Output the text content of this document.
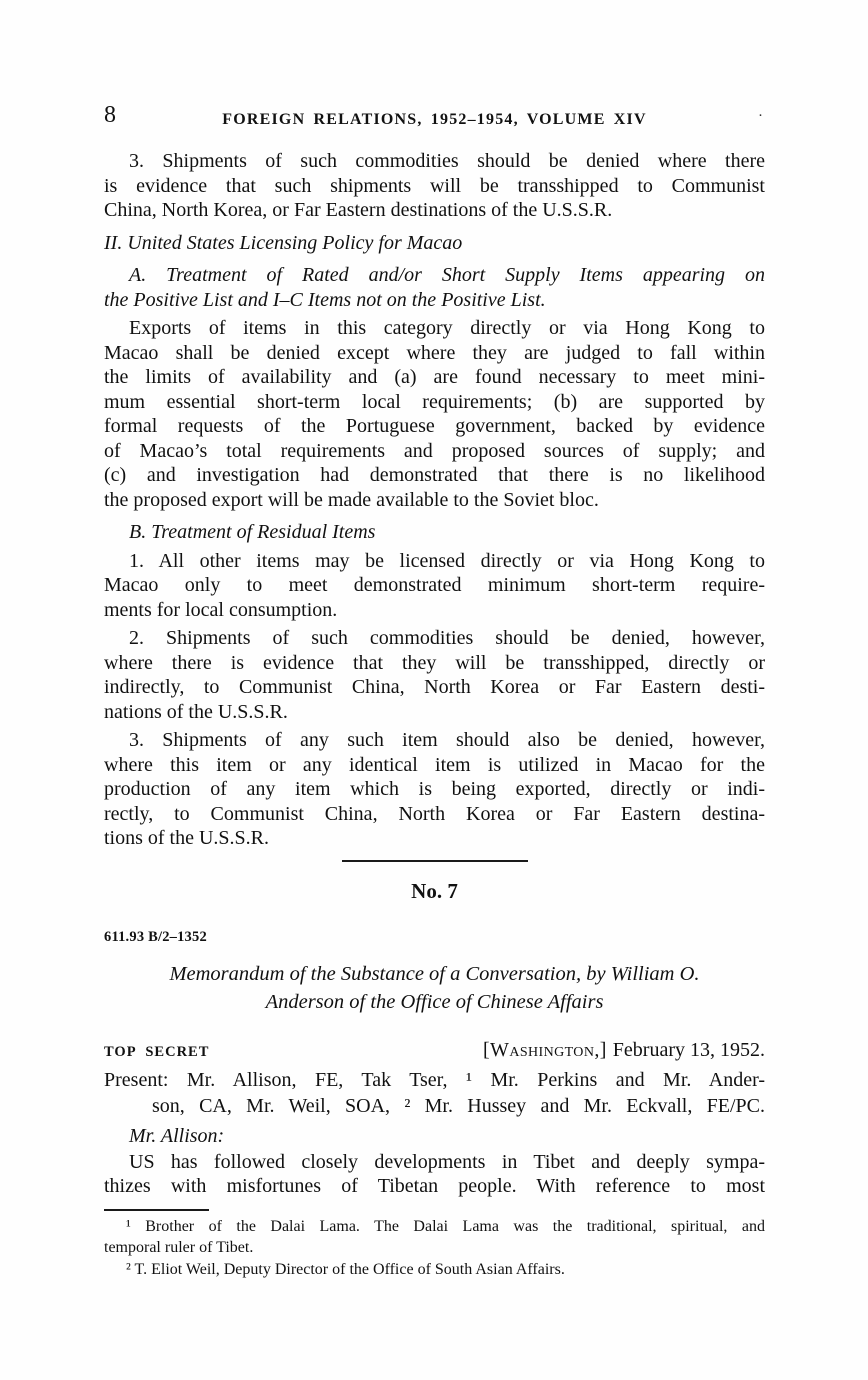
8	FOREIGN RELATIONS, 1952–1954, VOLUME XIV	·
3. Shipments of such commodities should be denied where there
is evidence that such shipments will be transshipped to Communist
China, North Korea, or Far Eastern destinations of the U.S.S.R.
II. United States Licensing Policy for Macao
A. Treatment of Rated and/or Short Supply Items appearing on
the Positive List and I–C Items not on the Positive List.
Exports of items in this category directly or via Hong Kong to
Macao shall be denied except where they are judged to fall within
the limits of availability and (a) are found necessary to meet mini-
mum essential short-term local requirements; (b) are supported by
formal requests of the Portuguese government, backed by evidence
of Macao’s total requirements and proposed sources of supply; and
(c) and investigation had demonstrated that there is no likelihood
the proposed export will be made available to the Soviet bloc.
B. Treatment of Residual Items
1. All other items may be licensed directly or via Hong Kong to
Macao only to meet demonstrated minimum short-term require-
ments for local consumption.
2. Shipments of such commodities should be denied, however,
where there is evidence that they will be transshipped, directly or
indirectly, to Communist China, North Korea or Far Eastern desti-
nations of the U.S.S.R.
3. Shipments of any such item should also be denied, however,
where this item or any identical item is utilized in Macao for the
production of any item which is being exported, directly or indi-
rectly, to Communist China, North Korea or Far Eastern destina-
tions of the U.S.S.R.
No. 7
611.93 B/2–1352
Memorandum of the Substance of a Conversation, by William O.
Anderson of the Office of Chinese Affairs
TOP SECRET	[Washington,] February 13, 1952.
Present: Mr. Allison, FE, Tak Tser, ¹ Mr. Perkins and Mr. Ander-
son, CA, Mr. Weil, SOA, ² Mr. Hussey and Mr. Eckvall, FE/PC.
Mr. Allison:
US has followed closely developments in Tibet and deeply sympa-
thizes with misfortunes of Tibetan people. With reference to most
¹ Brother of the Dalai Lama. The Dalai Lama was the traditional, spiritual, and
temporal ruler of Tibet.
² T. Eliot Weil, Deputy Director of the Office of South Asian Affairs.
